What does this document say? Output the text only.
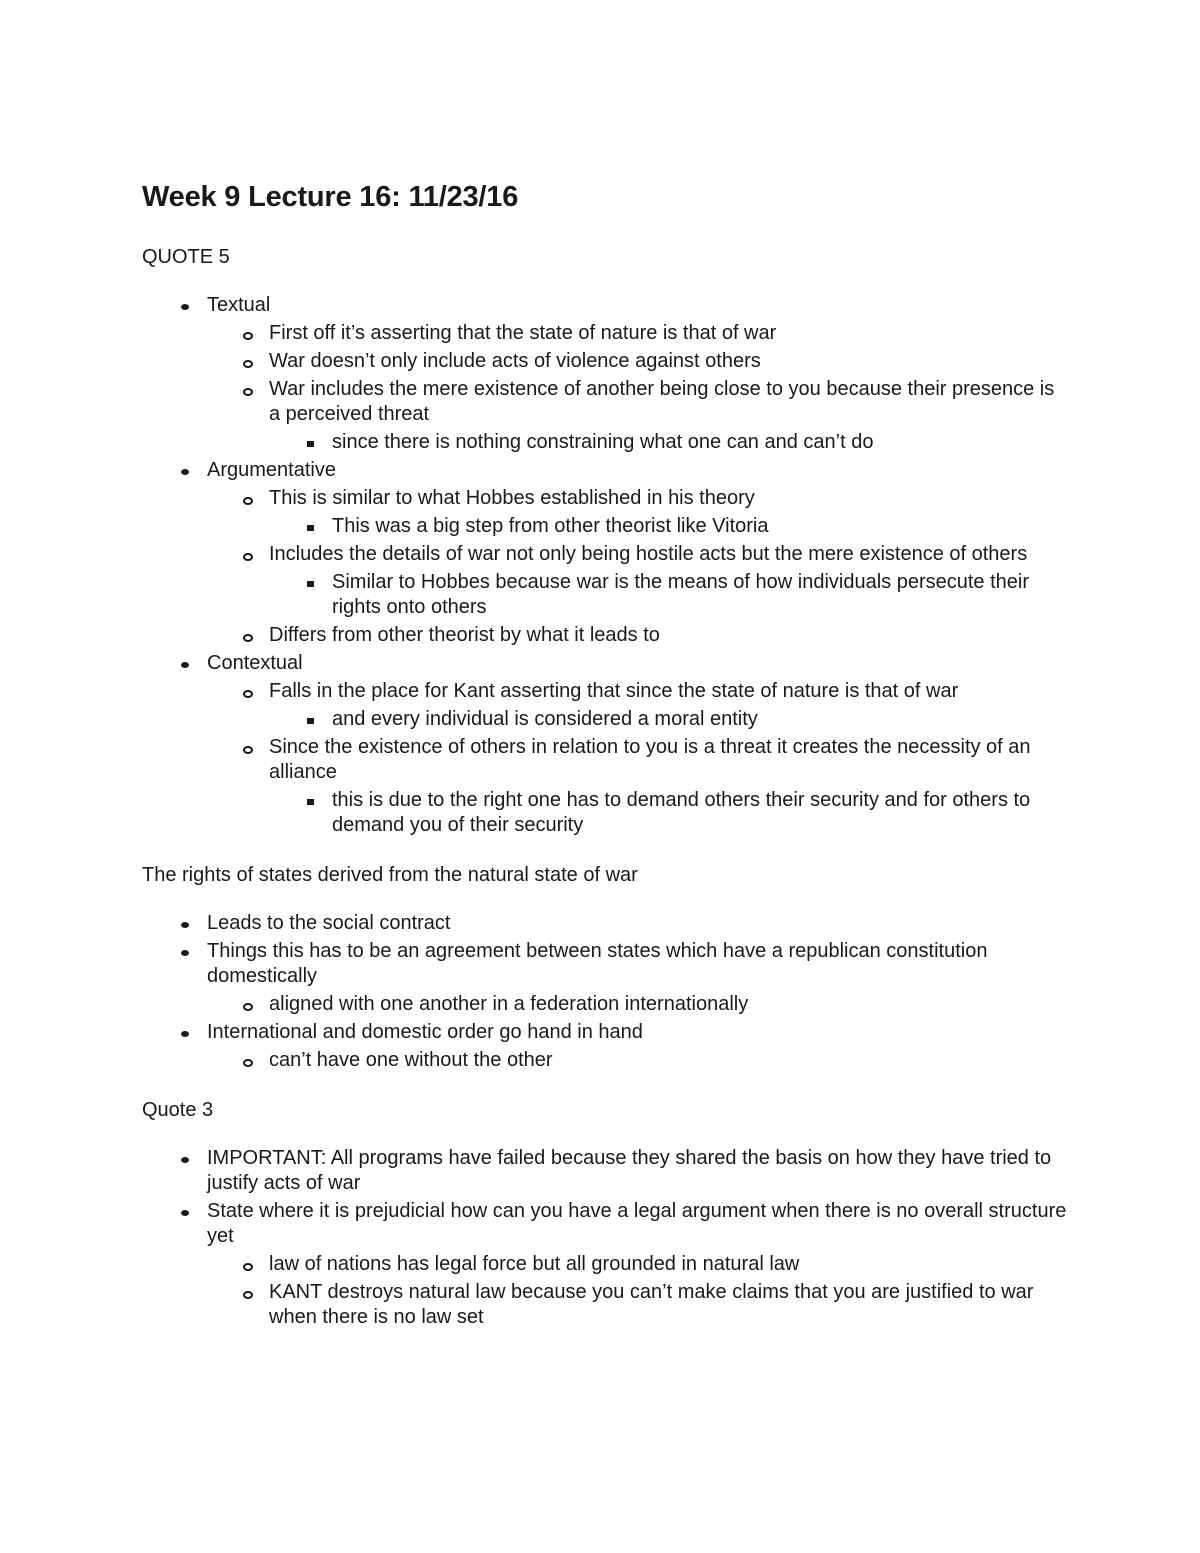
Week 9 Lecture 16: 11/23/16
QUOTE 5
Textual
First off it’s asserting that the state of nature is that of war
War doesn’t only include acts of violence against others
War includes the mere existence of another being close to you because their presence is a perceived threat
since there is nothing constraining what one can and can’t do
Argumentative
This is similar to what Hobbes established in his theory
This was a big step from other theorist like Vitoria
Includes the details of war not only being hostile acts but the mere existence of others
Similar to Hobbes because war is the means of how individuals persecute their rights onto others
Differs from other theorist by what it leads to
Contextual
Falls in the place for Kant asserting that since the state of nature is that of war
and every individual is considered a moral entity
Since the existence of others in relation to you is a threat it creates the necessity of an alliance
this is due to the right one has to demand others their security and for others to demand you of their security
The rights of states derived from the natural state of war
Leads to the social contract
Things this has to be an agreement between states which have a republican constitution domestically
aligned with one another in a federation internationally
International and domestic order go hand in hand
can’t have one without the other
Quote 3
IMPORTANT: All programs have failed because they shared the basis on how they have tried to justify acts of war
State where it is prejudicial how can you have a legal argument when there is no overall structure yet
law of nations has legal force but all grounded in natural law
KANT destroys natural law because you can’t make claims that you are justified to war when there is no law set
